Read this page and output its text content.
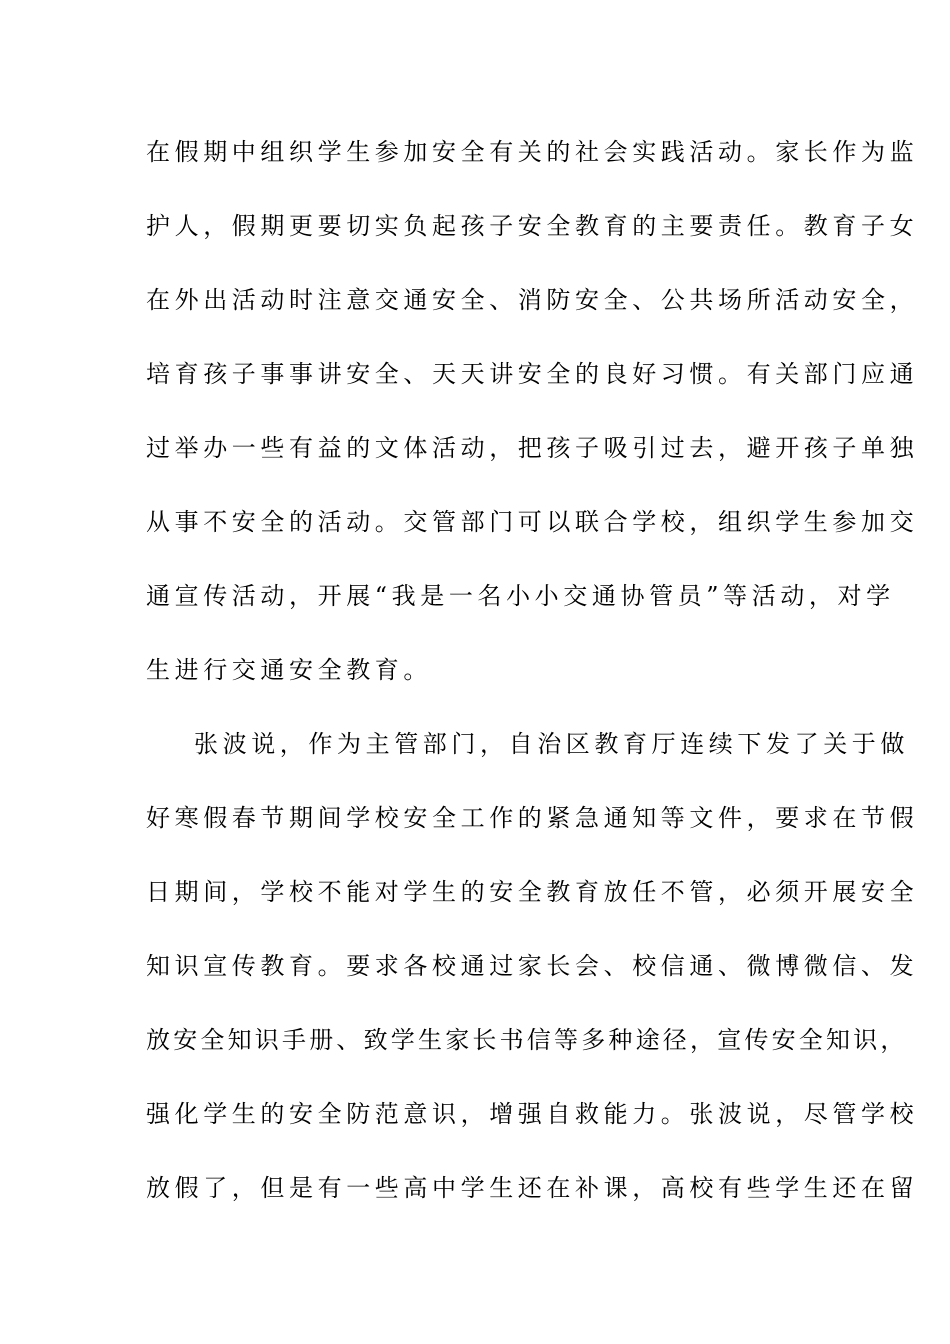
在假期中组织学生参加安全有关的社会实践活动。家长作为监
护人，假期更要切实负起孩子安全教育的主要责任。教育子女
在外出活动时注意交通安全、消防安全、公共场所活动安全，
培育孩子事事讲安全、天天讲安全的良好习惯。有关部门应通
过举办一些有益的文体活动，把孩子吸引过去，避开孩子单独
从事不安全的活动。交管部门可以联合学校，组织学生参加交
通宣传活动，开展“我是一名小小交通协管员”等活动，对学
生进行交通安全教育。
张波说，作为主管部门，自治区教育厅连续下发了关于做
好寒假春节期间学校安全工作的紧急通知等文件，要求在节假
日期间，学校不能对学生的安全教育放任不管，必须开展安全
知识宣传教育。要求各校通过家长会、校信通、微博微信、发
放安全知识手册、致学生家长书信等多种途径，宣传安全知识，
强化学生的安全防范意识，增强自救能力。张波说，尽管学校
放假了，但是有一些高中学生还在补课，高校有些学生还在留
